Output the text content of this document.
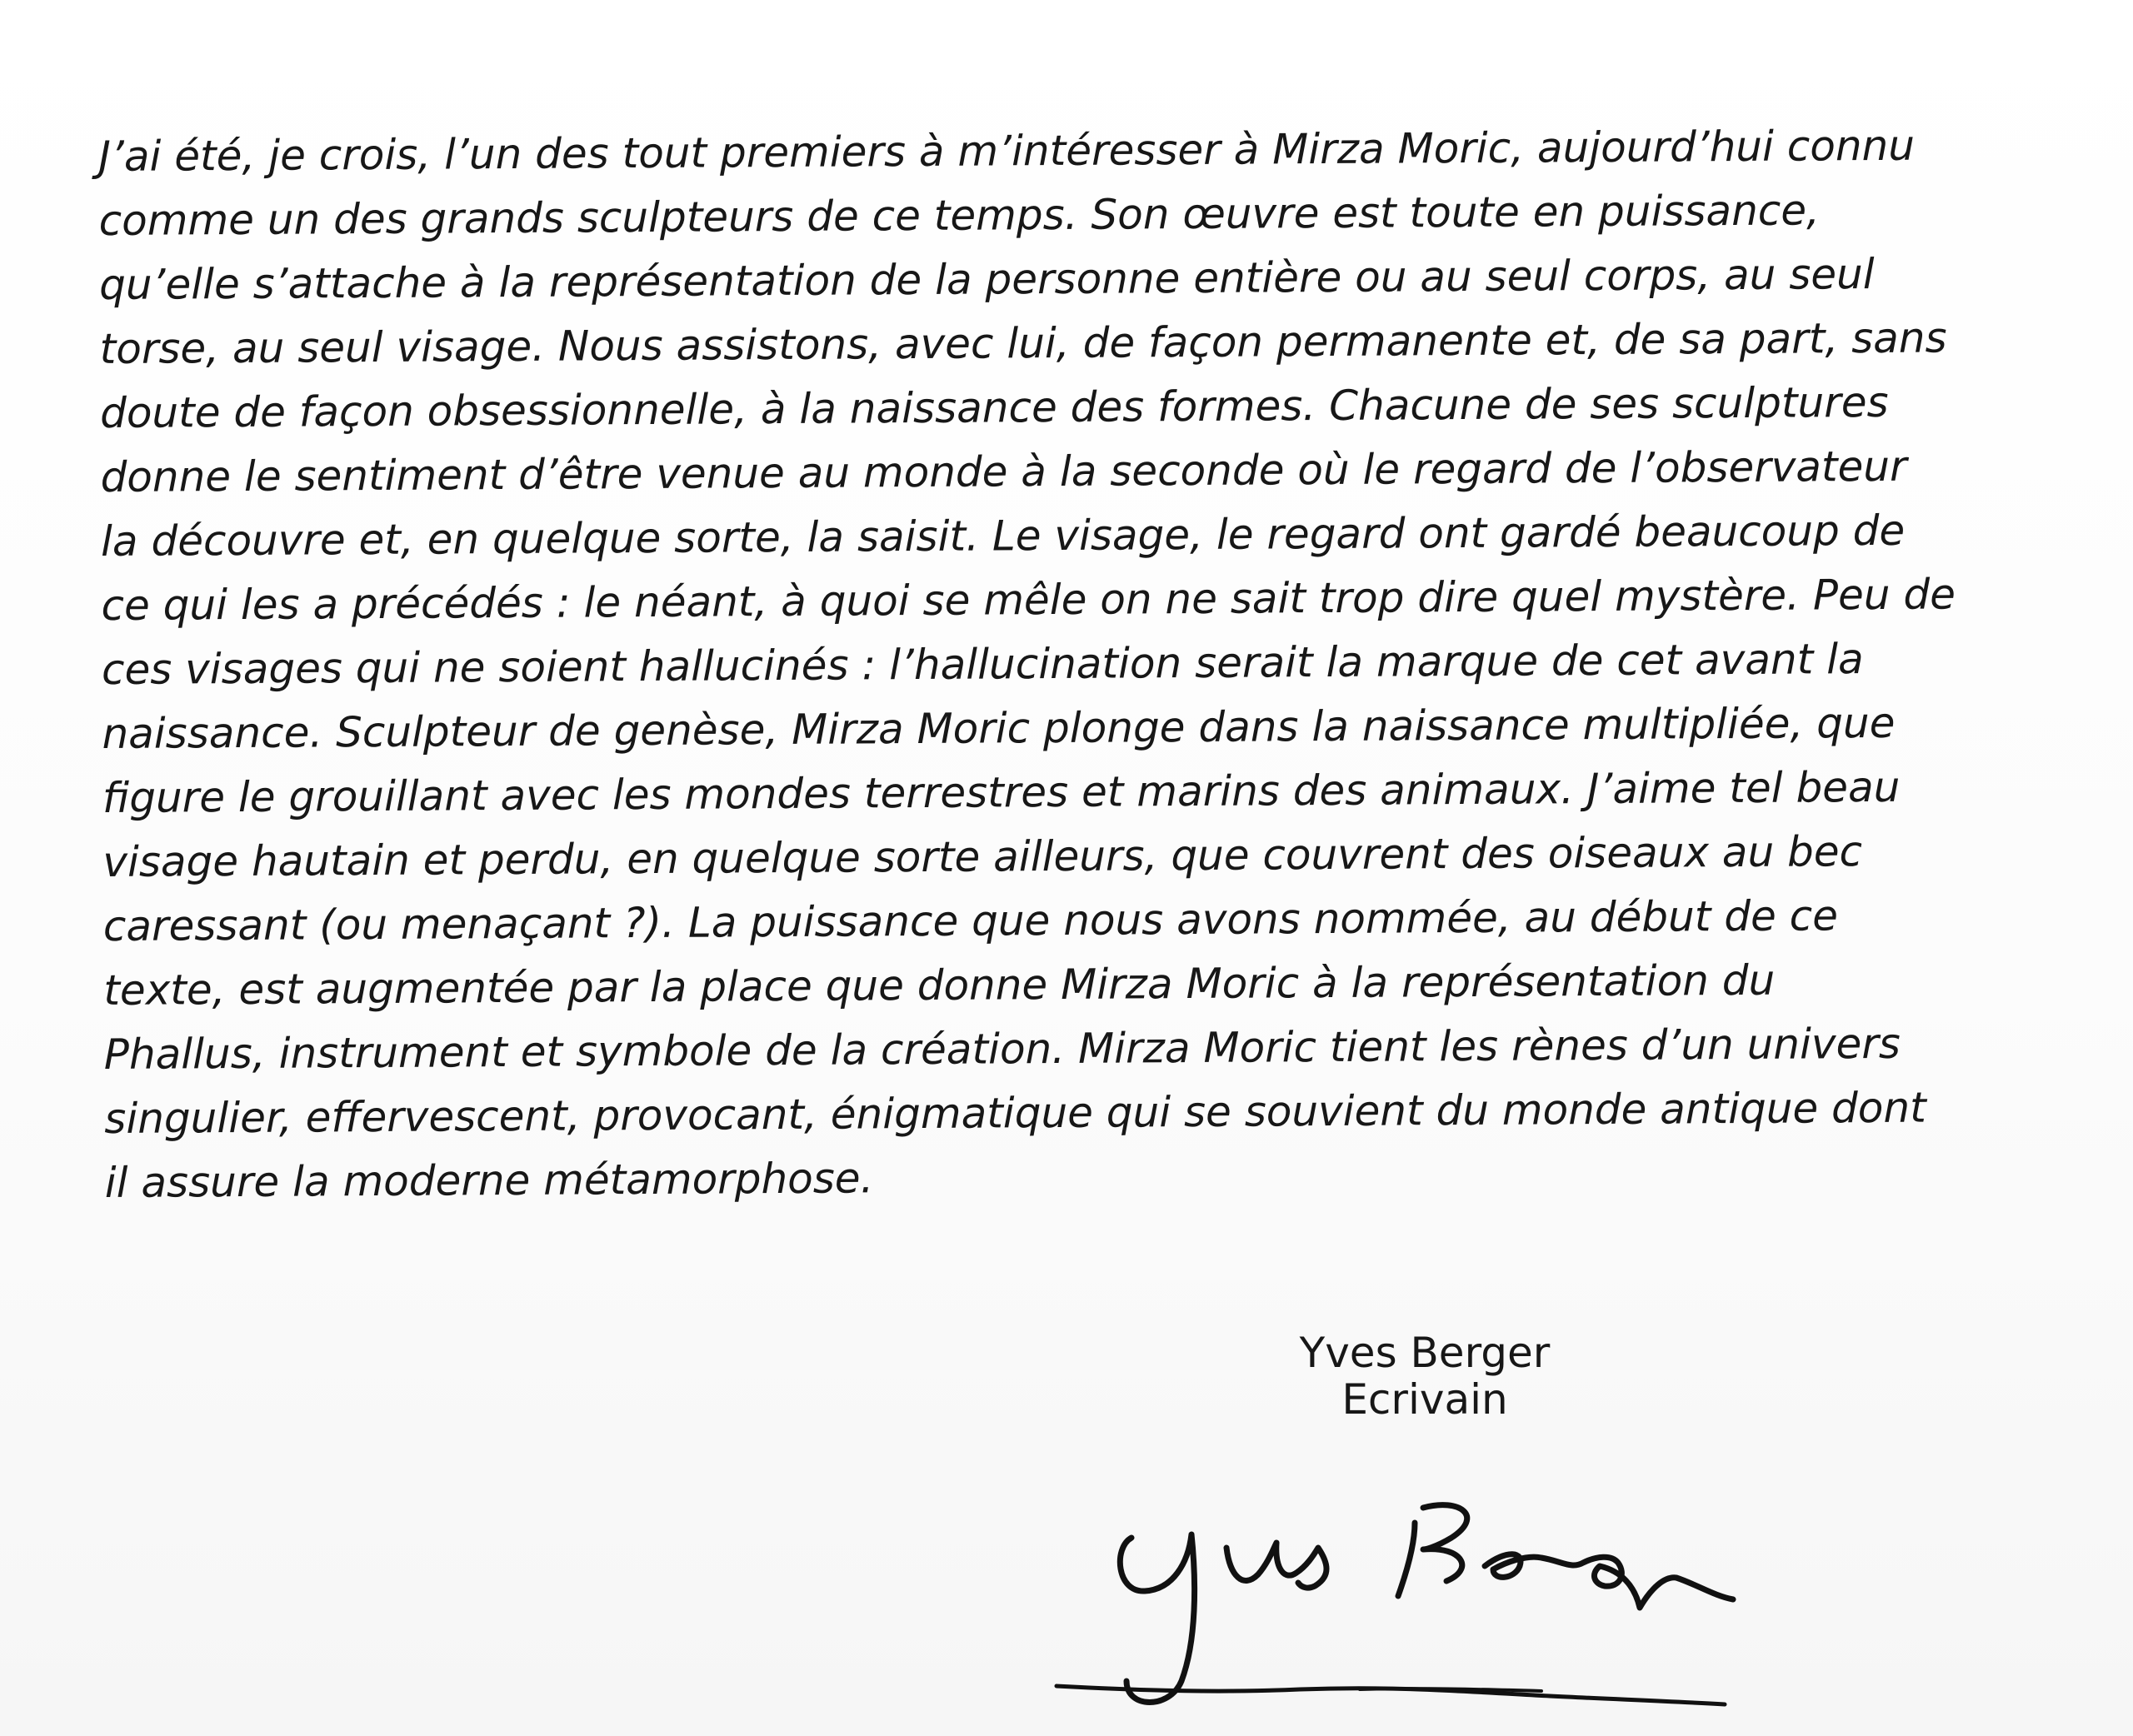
J’ai été, je crois, l’un des tout premiers à m’intéresser à Mirza Moric, aujourd’hui connu
comme un des grands sculpteurs de ce temps. Son œuvre est toute en puissance,
qu’elle s’attache à la représentation de la personne entière ou au seul corps, au seul
torse, au seul visage. Nous assistons, avec lui, de façon permanente et, de sa part, sans
doute de façon obsessionnelle, à la naissance des formes. Chacune de ses sculptures
donne le sentiment d’être venue au monde à la seconde où le regard de l’observateur
la découvre et, en quelque sorte, la saisit. Le visage, le regard ont gardé beaucoup de
ce qui les a précédés : le néant, à quoi se mêle on ne sait trop dire quel mystère. Peu de
ces visages qui ne soient hallucinés : l’hallucination serait la marque de cet avant la
naissance. Sculpteur de genèse, Mirza Moric plonge dans la naissance multipliée, que
figure le grouillant avec les mondes terrestres et marins des animaux. J’aime tel beau
visage hautain et perdu, en quelque sorte ailleurs, que couvrent des oiseaux au bec
caressant (ou menaçant ?). La puissance que nous avons nommée, au début de ce
texte, est augmentée par la place que donne Mirza Moric à la représentation du
Phallus, instrument et symbole de la création. Mirza Moric tient les rènes d’un univers
singulier, effervescent, provocant, énigmatique qui se souvient du monde antique dont
il assure la moderne métamorphose.

Yves Berger
Ecrivain
